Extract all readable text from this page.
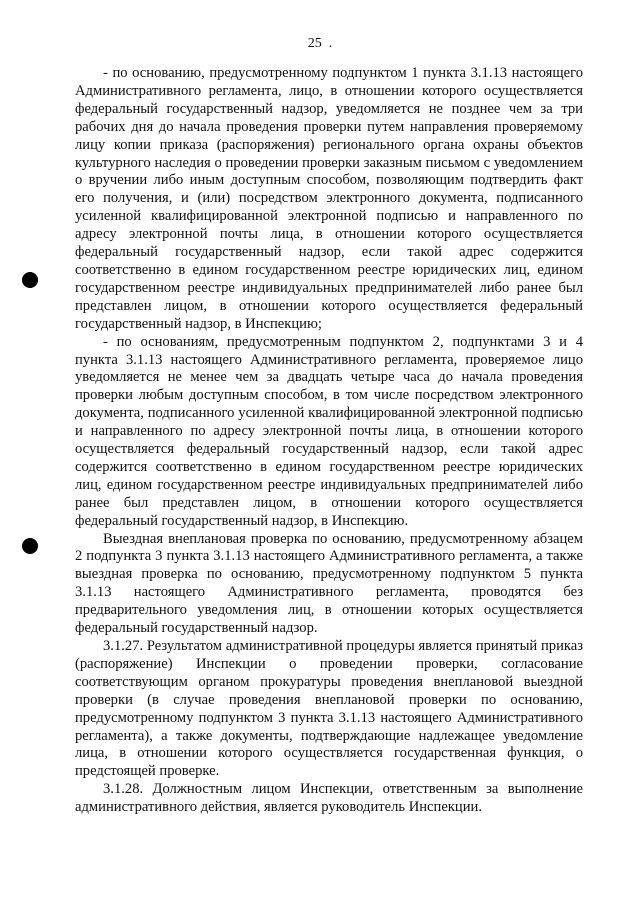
25 .

- по основанию, предусмотренному подпунктом 1 пункта 3.1.13 настоящего Административного регламента, лицо, в отношении которого осуществляется федеральный государственный надзор, уведомляется не позднее чем за три рабочих дня до начала проведения проверки путем направления проверяемому лицу копии приказа (распоряжения) регионального органа охраны объектов культурного наследия о проведении проверки заказным письмом с уведомлением о вручении либо иным доступным способом, позволяющим подтвердить факт его получения, и (или) посредством электронного документа, подписанного усиленной квалифицированной электронной подписью и направленного по адресу электронной почты лица, в отношении которого осуществляется федеральный государственный надзор, если такой адрес содержится соответственно в едином государственном реестре юридических лиц, едином государственном реестре индивидуальных предпринимателей либо ранее был представлен лицом, в отношении которого осуществляется федеральный государственный надзор, в Инспекцию;

- по основаниям, предусмотренным подпунктом 2, подпунктами 3 и 4 пункта 3.1.13 настоящего Административного регламента, проверяемое лицо уведомляется не менее чем за двадцать четыре часа до начала проведения проверки любым доступным способом, в том числе посредством электронного документа, подписанного усиленной квалифицированной электронной подписью и направленного по адресу электронной почты лица, в отношении которого осуществляется федеральный государственный надзор, если такой адрес содержится соответственно в едином государственном реестре юридических лиц, едином государственном реестре индивидуальных предпринимателей либо ранее был представлен лицом, в отношении которого осуществляется федеральный государственный надзор, в Инспекцию.

Выездная внеплановая проверка по основанию, предусмотренному абзацем 2 подпункта 3 пункта 3.1.13 настоящего Административного регламента, а также выездная проверка по основанию, предусмотренному подпунктом 5 пункта 3.1.13 настоящего Административного регламента, проводятся без предварительного уведомления лиц, в отношении которых осуществляется федеральный государственный надзор.

3.1.27. Результатом административной процедуры является принятый приказ (распоряжение) Инспекции о проведении проверки, согласование соответствующим органом прокуратуры проведения внеплановой выездной проверки (в случае проведения внеплановой проверки по основанию, предусмотренному подпунктом 3 пункта 3.1.13 настоящего Административного регламента), а также документы, подтверждающие надлежащее уведомление лица, в отношении которого осуществляется государственная функция, о предстоящей проверке.

3.1.28. Должностным лицом Инспекции, ответственным за выполнение административного действия, является руководитель Инспекции.
